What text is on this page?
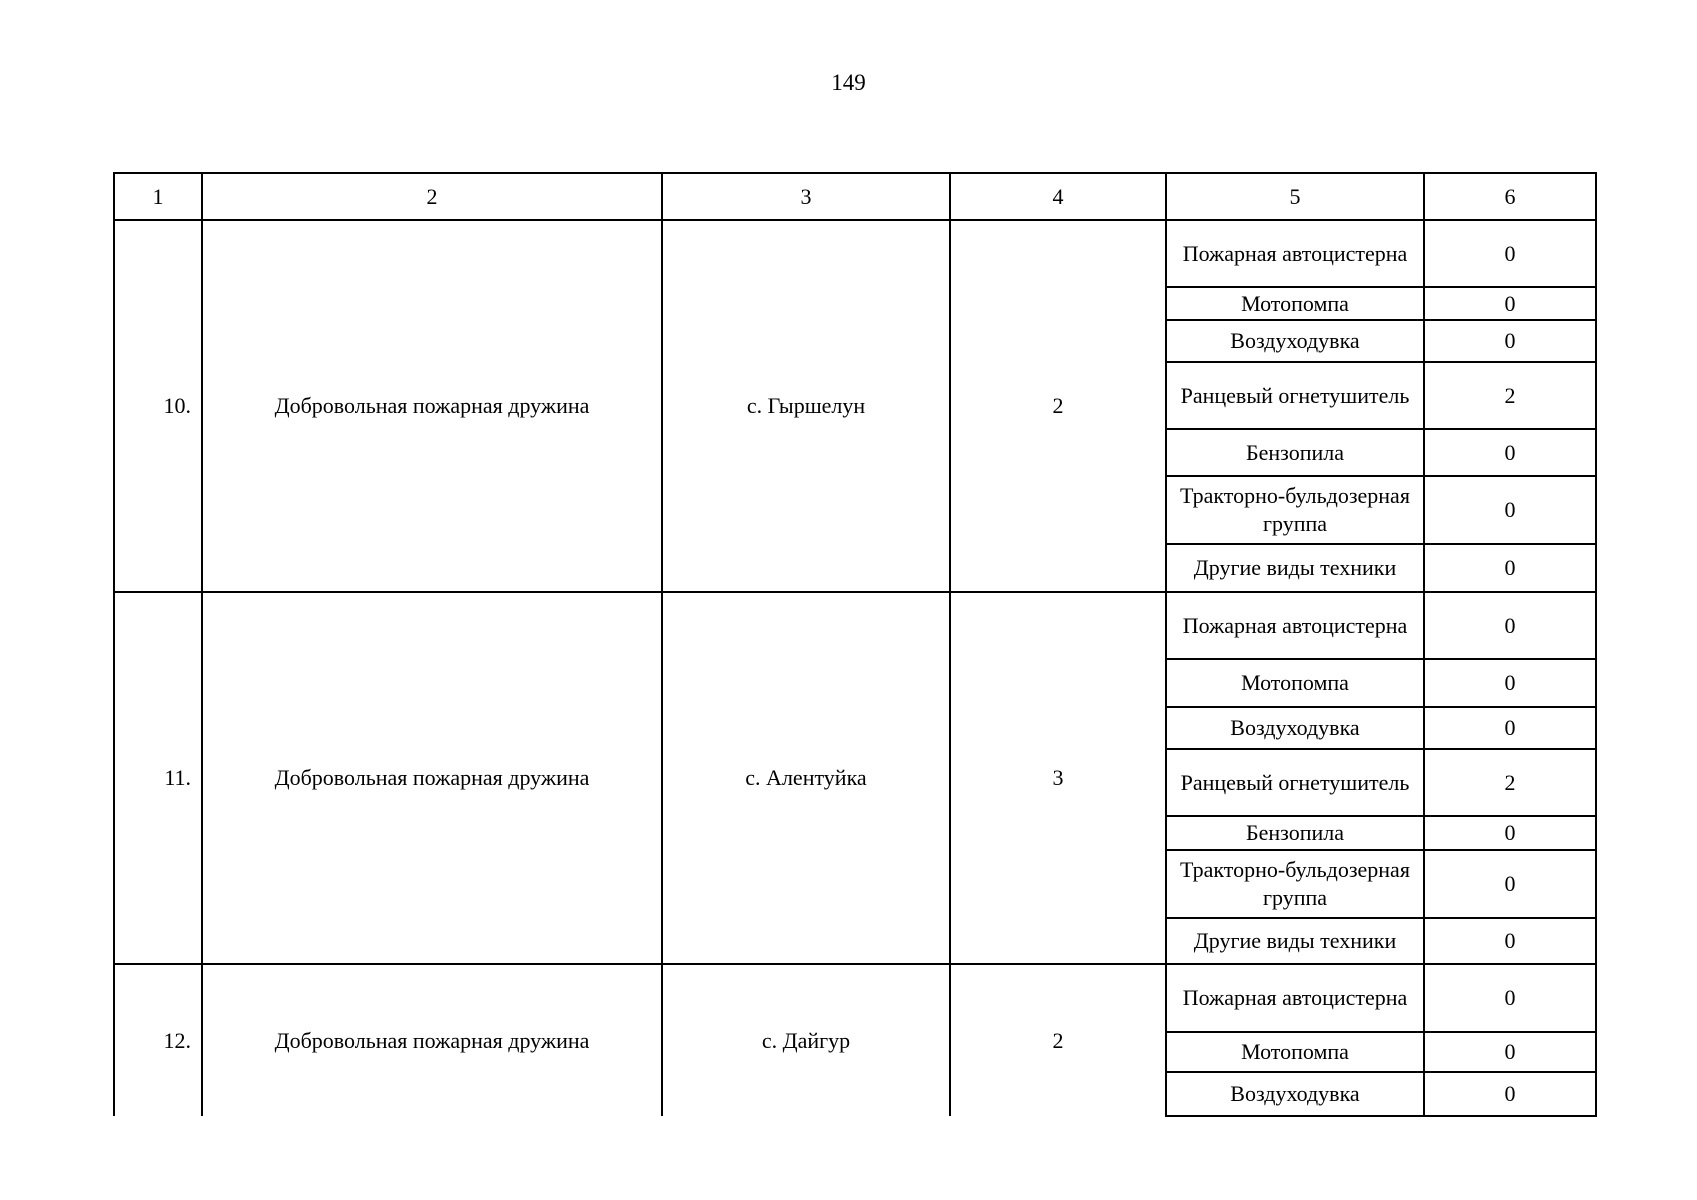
149
1	2	3	4	5	6
10.	Добровольная пожарная дружина	с. Гыршелун	2	Пожарная автоцистерна	0
				Мотопомпа	0
				Воздуходувка	0
				Ранцевый огнетушитель	2
				Бензопила	0
				Тракторно-бульдозерная группа	0
				Другие виды техники	0
11.	Добровольная пожарная дружина	с. Алентуйка	3	Пожарная автоцистерна	0
				Мотопомпа	0
				Воздуходувка	0
				Ранцевый огнетушитель	2
				Бензопила	0
				Тракторно-бульдозерная группа	0
				Другие виды техники	0
12.	Добровольная пожарная дружина	с. Дайгур	2	Пожарная автоцистерна	0
				Мотопомпа	0
				Воздуходувка	0
